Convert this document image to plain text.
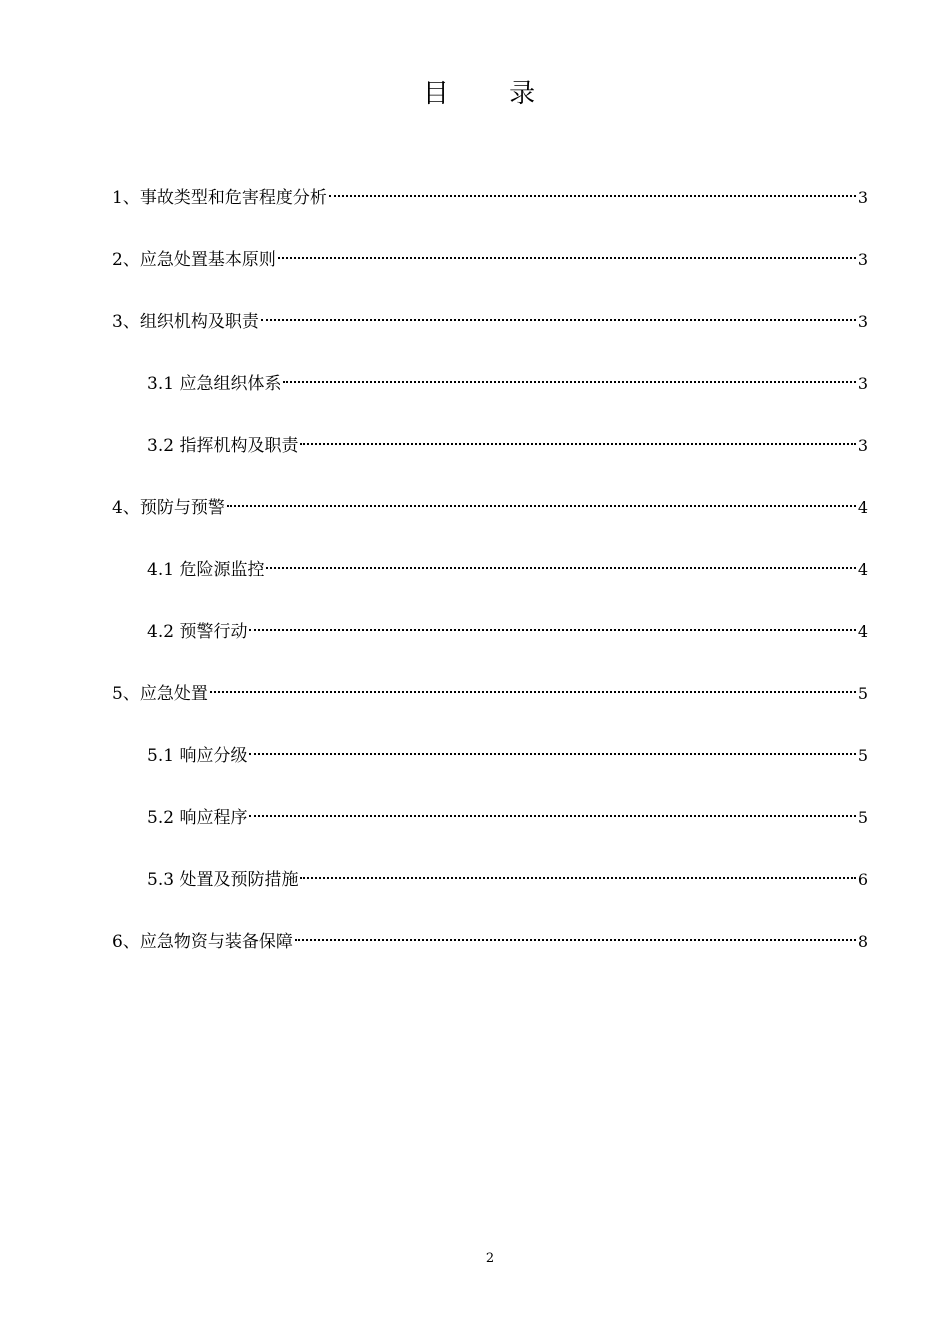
目 录
1、事故类型和危害程度分析	3
2、应急处置基本原则	3
3、组织机构及职责	3
3.1 应急组织体系	3
3.2 指挥机构及职责	3
4、预防与预警	4
4.1 危险源监控	4
4.2 预警行动	4
5、应急处置	5
5.1 响应分级	5
5.2 响应程序	5
5.3 处置及预防措施	6
6、应急物资与装备保障	8
2
